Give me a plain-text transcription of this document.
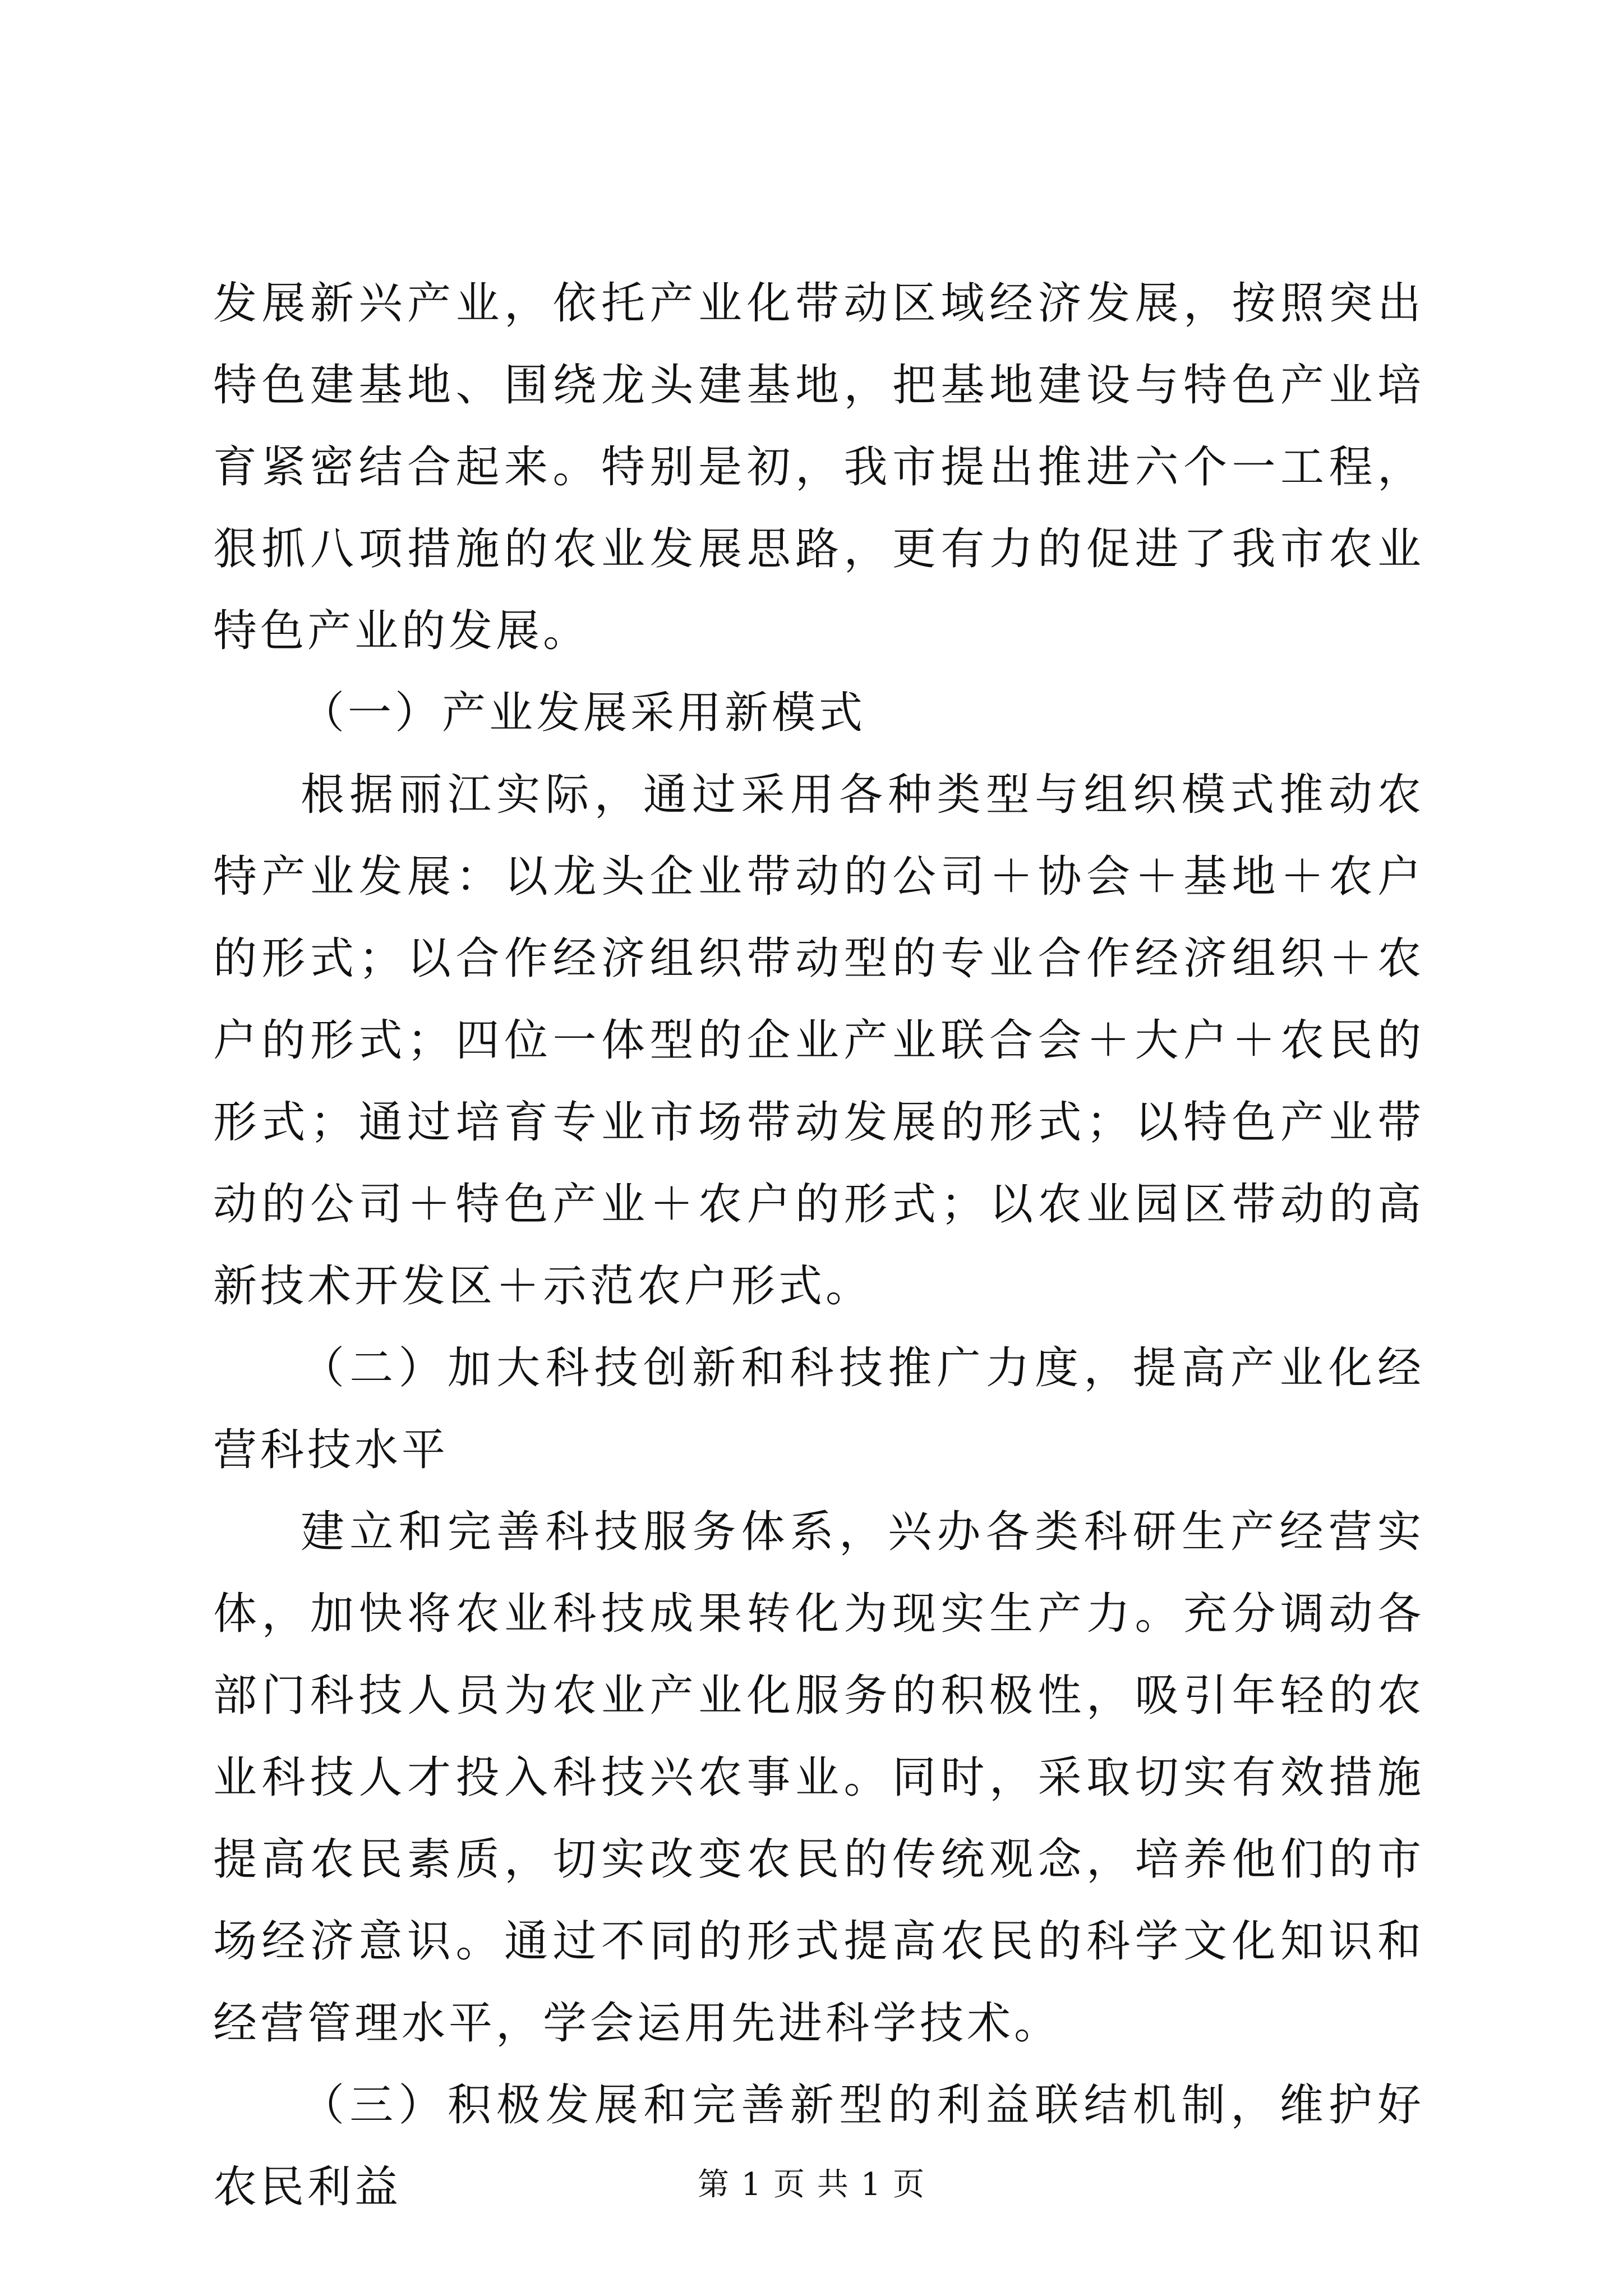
发展新兴产业，依托产业化带动区域经济发展，按照突出特色建基地、围绕龙头建基地，把基地建设与特色产业培育紧密结合起来。特别是初，我市提出推进六个一工程，狠抓八项措施的农业发展思路，更有力的促进了我市农业特色产业的发展。

（一）产业发展采用新模式

根据丽江实际，通过采用各种类型与组织模式推动农特产业发展：以龙头企业带动的公司＋协会＋基地＋农户的形式；以合作经济组织带动型的专业合作经济组织＋农户的形式；四位一体型的企业产业联合会＋大户＋农民的形式；通过培育专业市场带动发展的形式；以特色产业带动的公司＋特色产业＋农户的形式；以农业园区带动的高新技术开发区＋示范农户形式。

（二）加大科技创新和科技推广力度，提高产业化经营科技水平

建立和完善科技服务体系，兴办各类科研生产经营实体，加快将农业科技成果转化为现实生产力。充分调动各部门科技人员为农业产业化服务的积极性，吸引年轻的农业科技人才投入科技兴农事业。同时，采取切实有效措施提高农民素质，切实改变农民的传统观念，培养他们的市场经济意识。通过不同的形式提高农民的科学文化知识和经营管理水平，学会运用先进科学技术。

（三）积极发展和完善新型的利益联结机制，维护好农民利益	第 1 页 共 1 页
